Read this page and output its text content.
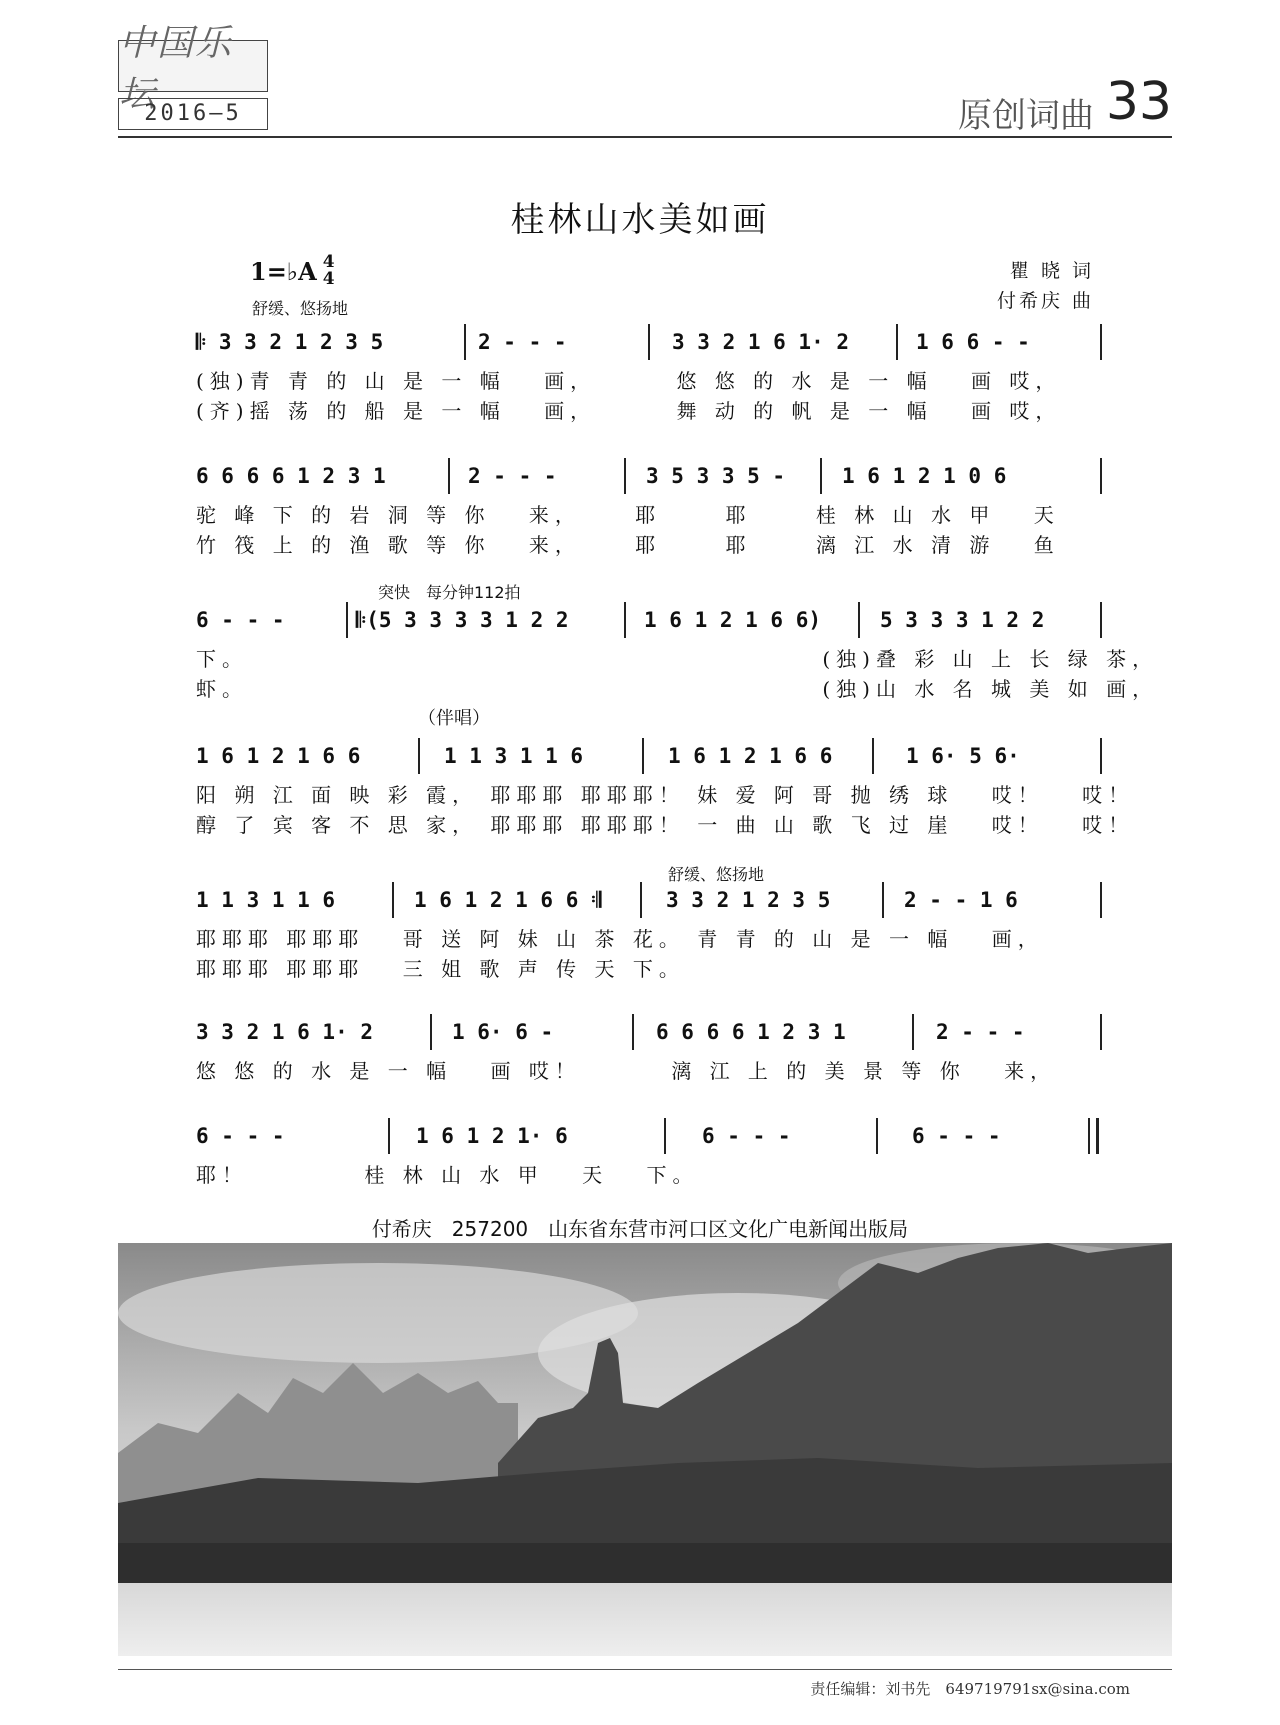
中国乐坛
2016—5	原创词曲 33
桂林山水美如画
1=♭A 4
4
舒缓、悠扬地
瞿 晓 词
付希庆 曲

𝄆 3 3 2 1 2 3 5

	2 - - -

	3 3 2 1 6 1· 2

	1 6 6 - -

(独)青 青 的 山 是 一 幅　 画，　　　 悠 悠 的 水 是 一 幅　 画 哎，
(齐)摇 荡 的 船 是 一 幅　 画，　　　 舞 动 的 帆 是 一 幅　 画 哎，

6 6 6 6 1 2 3 1

	2 - - -

	3 5 3 3 5 -

	1 6 1 2 1 0 6

驼 峰 下 的 岩 洞 等 你　 来，　　 耶　　 耶　　 桂 林 山 水 甲　 天
竹 筏 上 的 渔 歌 等 你　 来，　　 耶　　 耶　　 漓 江 水 清 游　 鱼
突快　每分钟112拍

6 - - -

	𝄆(5 3 3 3 3 1 2 2

	1 6 1 2 1 6 6)

	5 3 3 3 1 2 2

下。　　　　　　　　　　　　　　　　　　　　　　 (独)叠 彩 山 上 长 绿 茶，
虾。　　　　　　　　　　　　　　　　　　　　　　 (独)山 水 名 城 美 如 画，
（伴唱）

1 6 1 2 1 6 6

	1 1 3 1 1 6

	1 6 1 2 1 6 6

	1 6· 5 6·

阳 朔 江 面 映 彩 霞， 耶耶耶 耶耶耶！ 妹 爱 阿 哥 抛 绣 球　 哎！　 哎！
醇 了 宾 客 不 思 家， 耶耶耶 耶耶耶！ 一 曲 山 歌 飞 过 崖　 哎！　 哎！
舒缓、悠扬地

1 1 3 1 1 6

	1 6 1 2 1 6 6 𝄇

	3 3 2 1 2 3 5

	2 - - 1 6

耶耶耶 耶耶耶　 哥 送 阿 妹 山 茶 花。 青 青 的 山 是 一 幅　 画，
耶耶耶 耶耶耶　 三 姐 歌 声 传 天 下。

3 3 2 1 6 1· 2

	1 6· 6 -

	6 6 6 6 1 2 3 1

	2 - - -

悠 悠 的 水 是 一 幅　 画 哎！　　　 漓 江 上 的 美 景 等 你　 来，

6 - - -

	1 6 1 2 1· 6

	6 - - -

	6 - - -

耶！　　　　 桂 林 山 水 甲　 天　 下。
付希庆　257200　山东省东营市河口区文化广电新闻出版局
责任编辑：刘书先　649719791sx@sina.com
